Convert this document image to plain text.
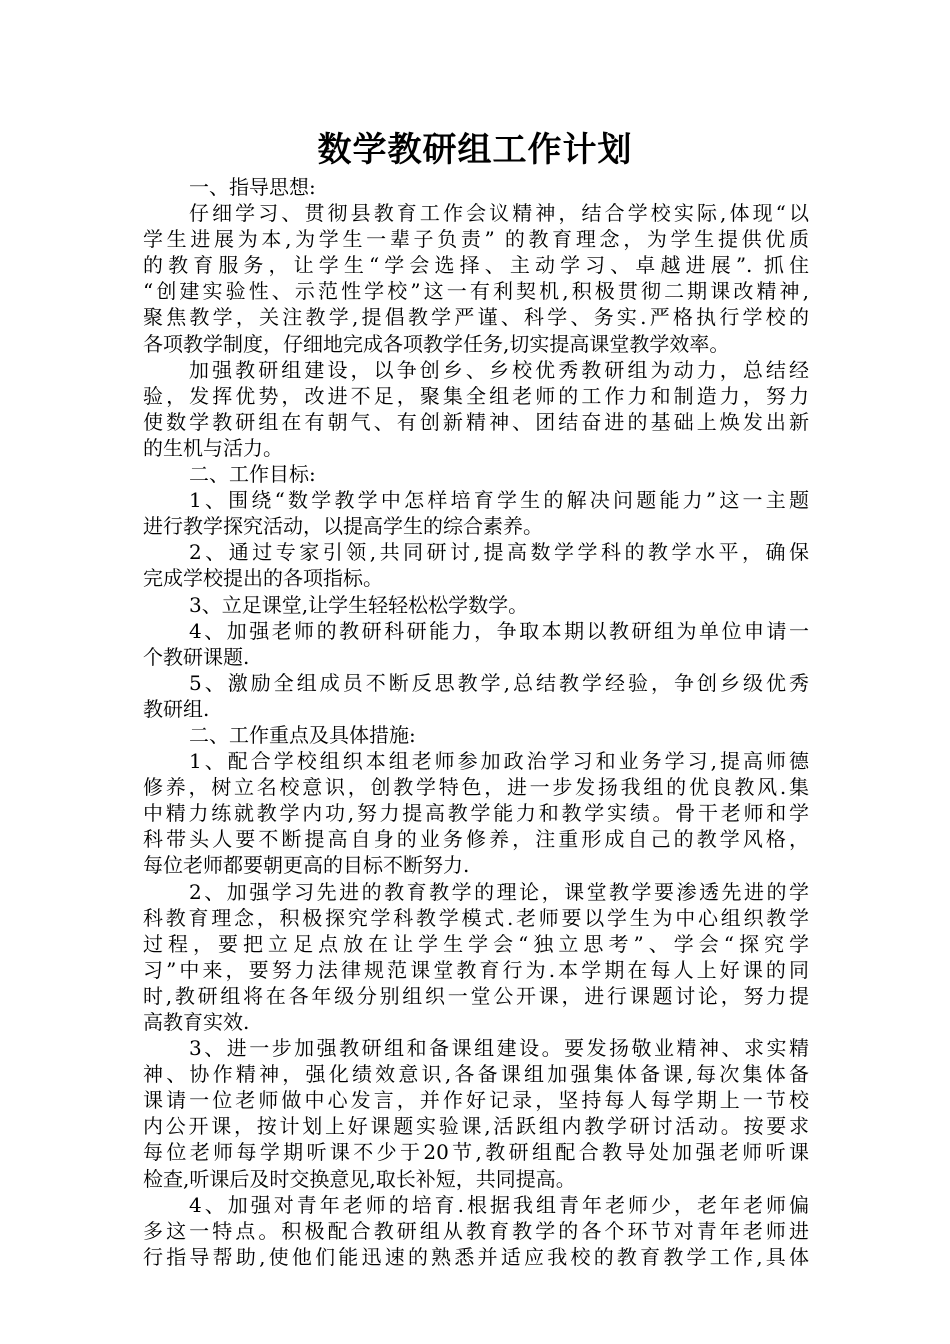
数学教研组工作计划
一、指导思想:
仔细学习、贯彻县教育工作会议精神，结合学校实际,体现“以
学生进展为本,为学生一辈子负责” 的教育理念，为学生提供优质
的教育服务，让学生“学会选择、主动学习、卓越进展”. 抓住
“创建实验性、示范性学校”这一有利契机,积极贯彻二期课改精神,
聚焦教学，关注教学,提倡教学严谨、科学、务实.严格执行学校的
各项教学制度，仔细地完成各项教学任务,切实提高课堂教学效率。
加强教研组建设，以争创乡、乡校优秀教研组为动力，总结经
验，发挥优势，改进不足，聚集全组老师的工作力和制造力，努力
使数学教研组在有朝气、有创新精神、团结奋进的基础上焕发出新
的生机与活力。
二、工作目标:
1、围绕“数学教学中怎样培育学生的解决问题能力”这一主题
进行教学探究活动，以提高学生的综合素养。
2、通过专家引领,共同研讨,提高数学学科的教学水平，确保
完成学校提出的各项指标。
3、立足课堂,让学生轻轻松松学数学。
4、加强老师的教研科研能力，争取本期以教研组为单位申请一
个教研课题.
5、激励全组成员不断反思教学,总结教学经验，争创乡级优秀
教研组.
二、工作重点及具体措施:
1、配合学校组织本组老师参加政治学习和业务学习,提高师德
修养，树立名校意识，创教学特色，进一步发扬我组的优良教风.集
中精力练就教学内功,努力提高教学能力和教学实绩。骨干老师和学
科带头人要不断提高自身的业务修养，注重形成自己的教学风格，
每位老师都要朝更高的目标不断努力.
2、加强学习先进的教育教学的理论，课堂教学要渗透先进的学
科教育理念，积极探究学科教学模式.老师要以学生为中心组织教学
过程，要把立足点放在让学生学会“独立思考”、学会“探究学
习”中来，要努力法律规范课堂教育行为.本学期在每人上好课的同
时,教研组将在各年级分别组织一堂公开课，进行课题讨论，努力提
高教育实效.
3、进一步加强教研组和备课组建设。要发扬敬业精神、求实精
神、协作精神，强化绩效意识,各备课组加强集体备课,每次集体备
课请一位老师做中心发言，并作好记录，坚持每人每学期上一节校
内公开课，按计划上好课题实验课,活跃组内教学研讨活动。按要求
每位老师每学期听课不少于20节,教研组配合教导处加强老师听课
检查,听课后及时交换意见,取长补短，共同提高。
4、加强对青年老师的培育.根据我组青年老师少，老年老师偏
多这一特点。积极配合教研组从教育教学的各个环节对青年老师进
行指导帮助,使他们能迅速的熟悉并适应我校的教育教学工作,具体
